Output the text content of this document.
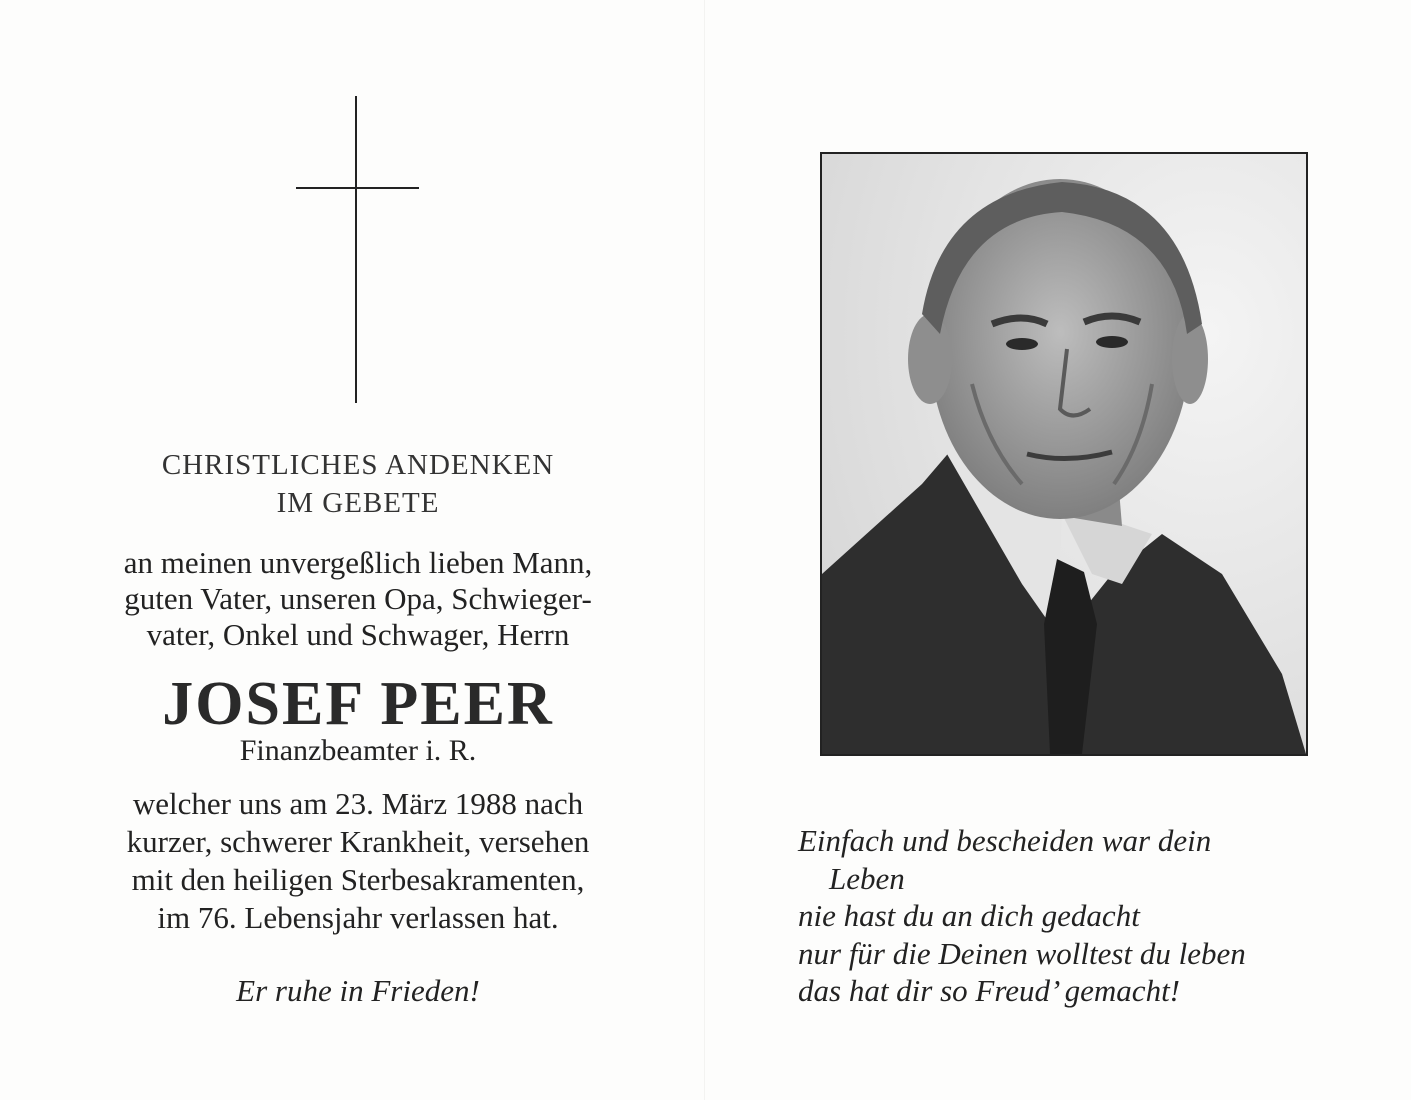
CHRISTLICHES ANDENKEN
IM GEBETE
an meinen unvergeßlich lieben Mann,
guten Vater, unseren Opa, Schwieger-
vater, Onkel und Schwager, Herrn
JOSEF PEER
Finanzbeamter i. R.
welcher uns am 23. März 1988 nach
kurzer, schwerer Krankheit, versehen
mit den heiligen Sterbesakramenten,
im 76. Lebensjahr verlassen hat.
Er ruhe in Frieden!
Einfach und bescheiden war dein
Leben
nie hast du an dich gedacht
nur für die Deinen wolltest du leben
das hat dir so Freud’ gemacht!
